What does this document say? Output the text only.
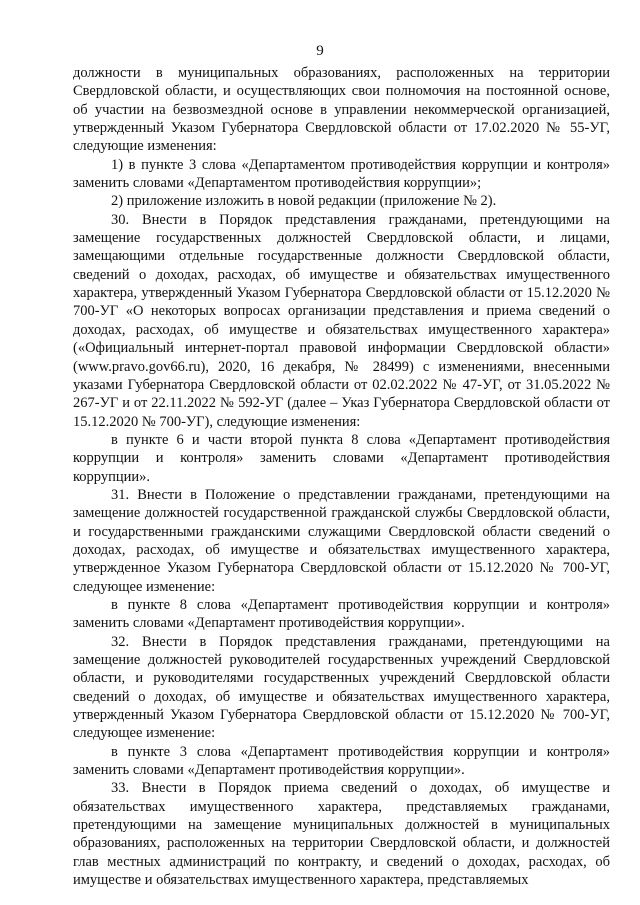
9

должности в муниципальных образованиях, расположенных на территории Свердловской области, и осуществляющих свои полномочия на постоянной основе, об участии на безвозмездной основе в управлении некоммерческой организацией, утвержденный Указом Губернатора Свердловской области от 17.02.2020 № 55-УГ, следующие изменения:

1) в пункте 3 слова «Департаментом противодействия коррупции и контроля» заменить словами «Департаментом противодействия коррупции»;

2) приложение изложить в новой редакции (приложение № 2).

30. Внести в Порядок представления гражданами, претендующими на замещение государственных должностей Свердловской области, и лицами, замещающими отдельные государственные должности Свердловской области, сведений о доходах, расходах, об имуществе и обязательствах имущественного характера, утвержденный Указом Губернатора Свердловской области от 15.12.2020 № 700-УГ «О некоторых вопросах организации представления и приема сведений о доходах, расходах, об имуществе и обязательствах имущественного характера» («Официальный интернет-портал правовой информации Свердловской области» (www.pravo.gov66.ru), 2020, 16 декабря, № 28499) с изменениями, внесенными указами Губернатора Свердловской области от 02.02.2022 № 47-УГ, от 31.05.2022 № 267-УГ и от 22.11.2022 № 592-УГ (далее – Указ Губернатора Свердловской области от 15.12.2020 № 700-УГ), следующие изменения:

в пункте 6 и части второй пункта 8 слова «Департамент противодействия коррупции и контроля» заменить словами «Департамент противодействия коррупции».

31. Внести в Положение о представлении гражданами, претендующими на замещение должностей государственной гражданской службы Свердловской области, и государственными гражданскими служащими Свердловской области сведений о доходах, расходах, об имуществе и обязательствах имущественного характера, утвержденное Указом Губернатора Свердловской области от 15.12.2020 № 700-УГ, следующее изменение:

в пункте 8 слова «Департамент противодействия коррупции и контроля» заменить словами «Департамент противодействия коррупции».

32. Внести в Порядок представления гражданами, претендующими на замещение должностей руководителей государственных учреждений Свердловской области, и руководителями государственных учреждений Свердловской области сведений о доходах, об имуществе и обязательствах имущественного характера, утвержденный Указом Губернатора Свердловской области от 15.12.2020 № 700-УГ, следующее изменение:

в пункте 3 слова «Департамент противодействия коррупции и контроля» заменить словами «Департамент противодействия коррупции».

33. Внести в Порядок приема сведений о доходах, об имуществе и обязательствах имущественного характера, представляемых гражданами, претендующими на замещение муниципальных должностей в муниципальных образованиях, расположенных на территории Свердловской области, и должностей глав местных администраций по контракту, и сведений о доходах, расходах, об имуществе и обязательствах имущественного характера, представляемых
